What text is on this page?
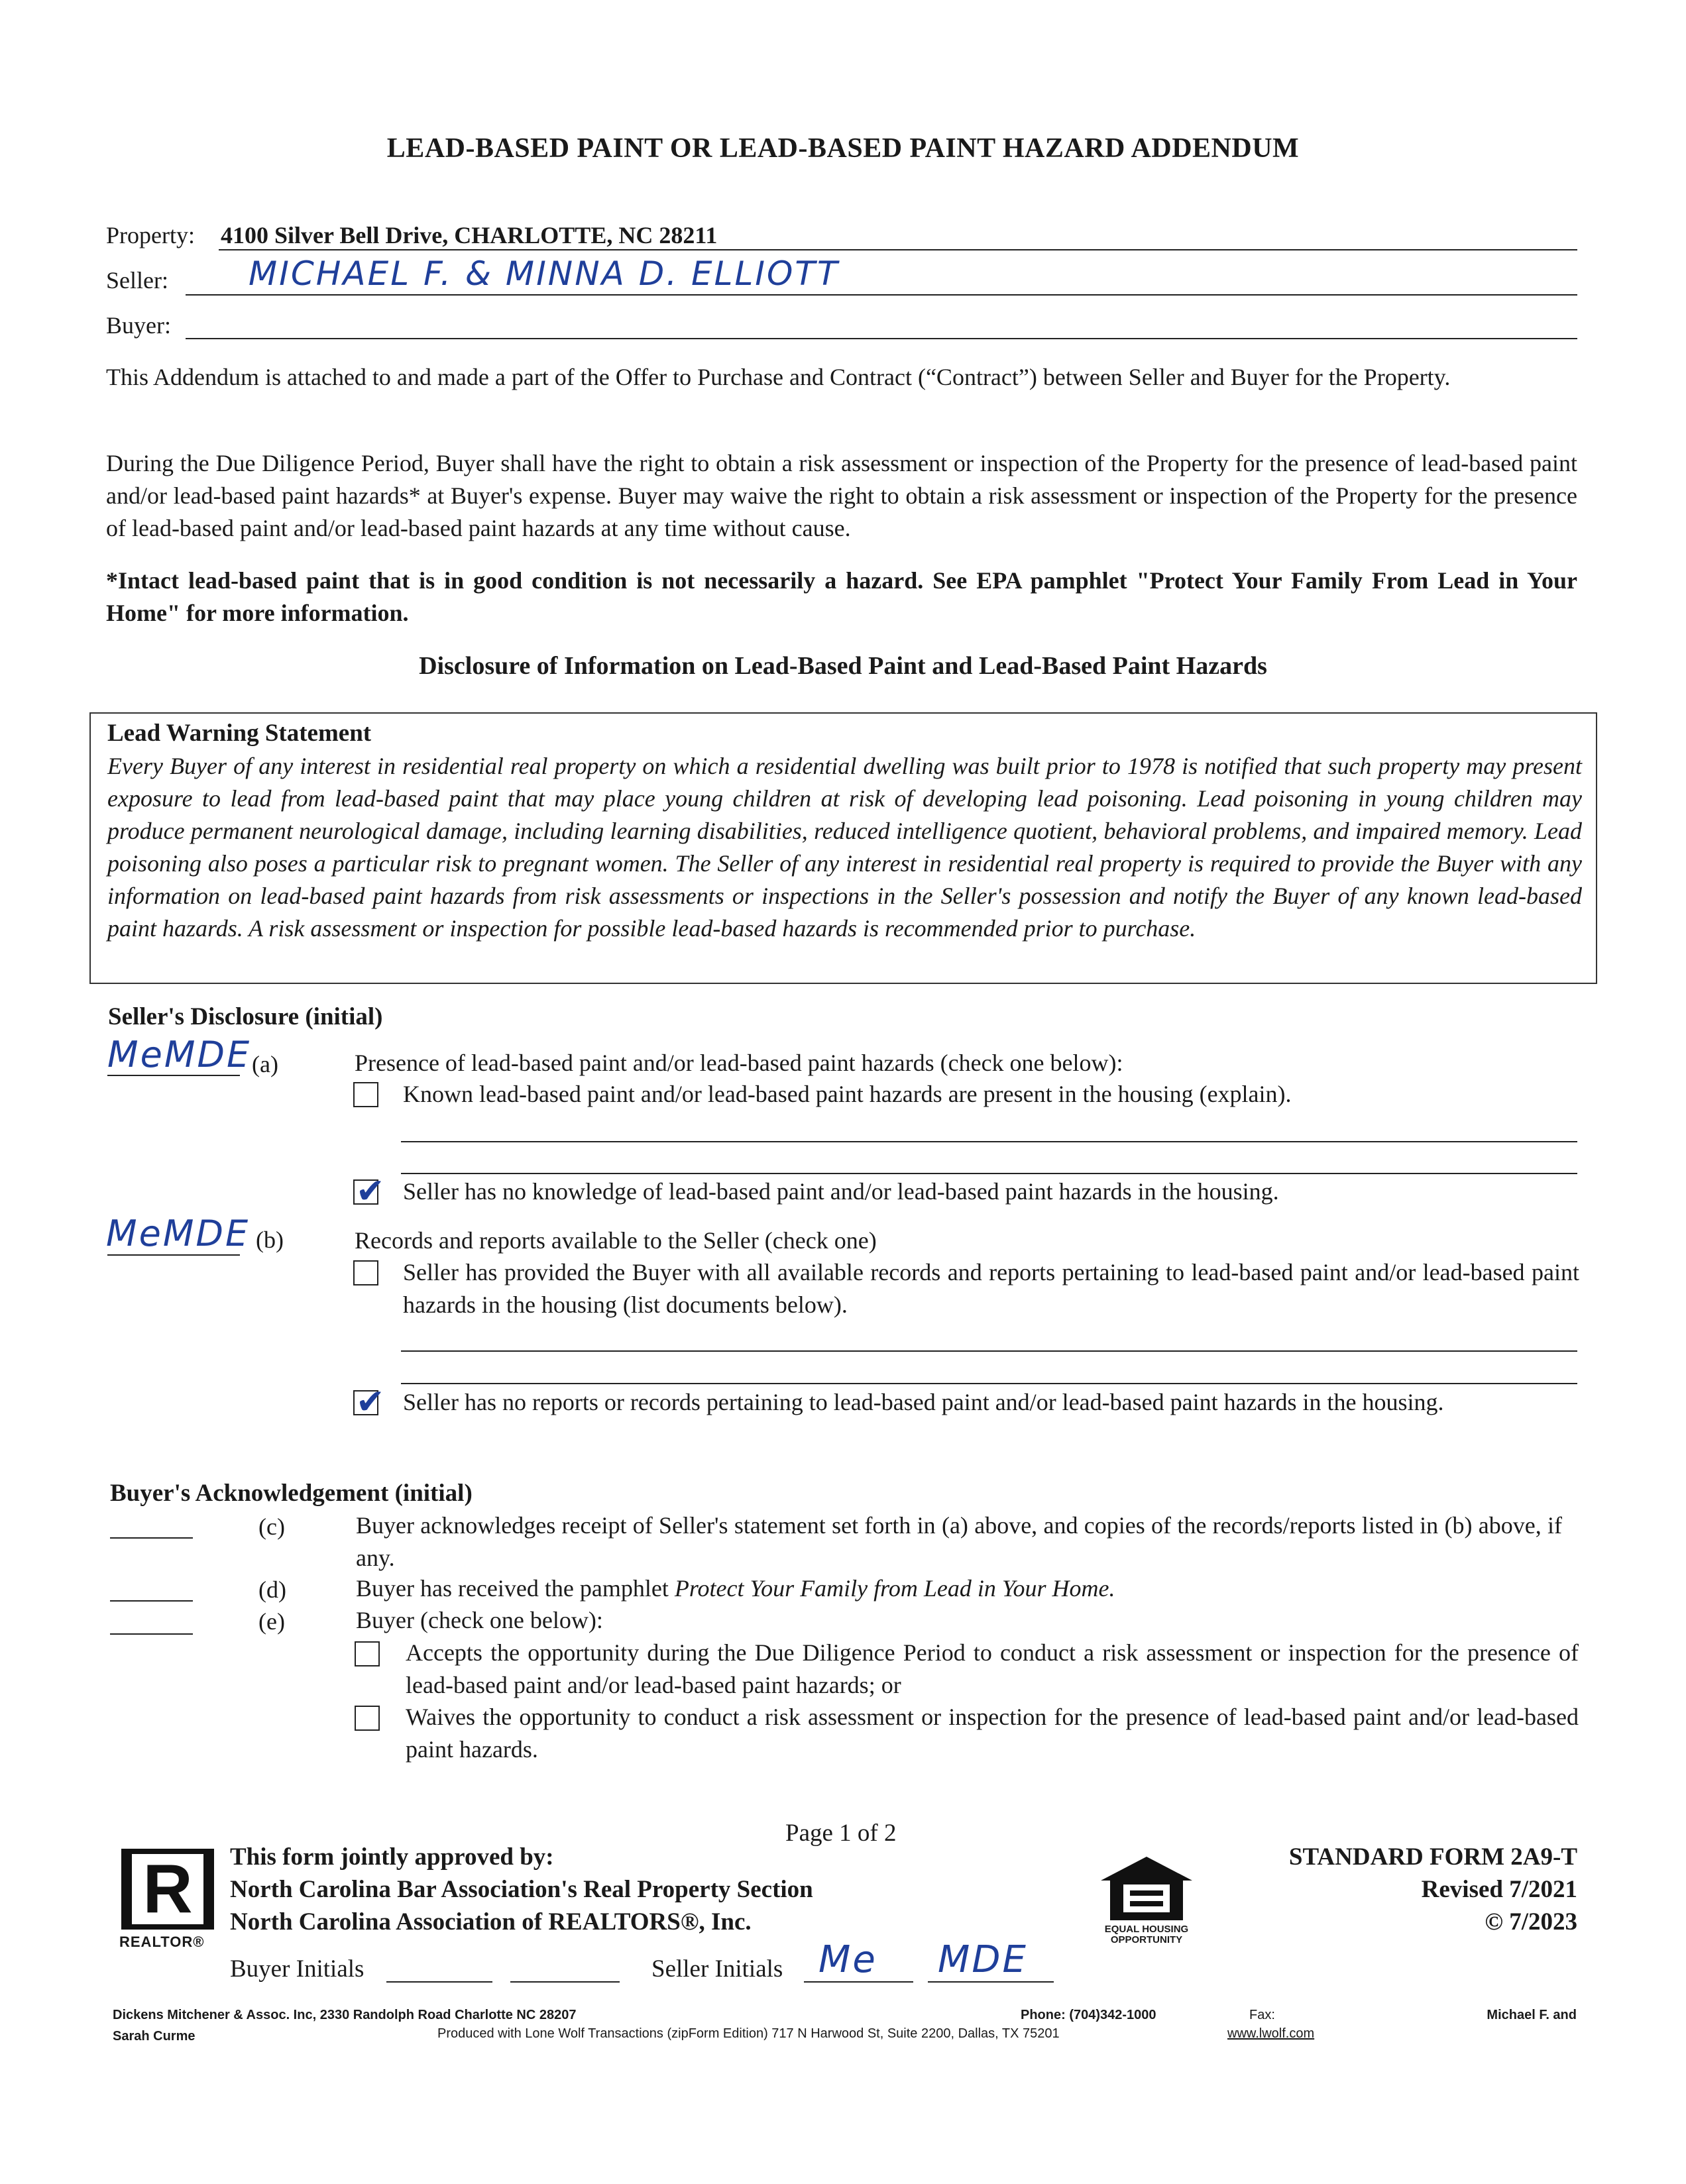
LEAD-BASED PAINT OR LEAD-BASED PAINT HAZARD ADDENDUM
Property: 4100 Silver Bell Drive, CHARLOTTE, NC 28211
Seller: MICHAEL F. & MINNA D. ELLIOTT
Buyer:
This Addendum is attached to and made a part of the Offer to Purchase and Contract (“Contract”) between Seller and Buyer for the Property.
During the Due Diligence Period, Buyer shall have the right to obtain a risk assessment or inspection of the Property for the presence of lead-based paint and/or lead-based paint hazards* at Buyer's expense. Buyer may waive the right to obtain a risk assessment or inspection of the Property for the presence of lead-based paint and/or lead-based paint hazards at any time without cause.
*Intact lead-based paint that is in good condition is not necessarily a hazard. See EPA pamphlet "Protect Your Family From Lead in Your Home" for more information.
Disclosure of Information on Lead-Based Paint and Lead-Based Paint Hazards
Lead Warning Statement
Every Buyer of any interest in residential real property on which a residential dwelling was built prior to 1978 is notified that such property may present exposure to lead from lead-based paint that may place young children at risk of developing lead poisoning. Lead poisoning in young children may produce permanent neurological damage, including learning disabilities, reduced intelligence quotient, behavioral problems, and impaired memory. Lead poisoning also poses a particular risk to pregnant women. The Seller of any interest in residential real property is required to provide the Buyer with any information on lead-based paint hazards from risk assessments or inspections in the Seller's possession and notify the Buyer of any known lead-based paint hazards. A risk assessment or inspection for possible lead-based hazards is recommended prior to purchase.
Seller's Disclosure (initial)
MeMDE (a)	Presence of lead-based paint and/or lead-based paint hazards (check one below):
Known lead-based paint and/or lead-based paint hazards are present in the housing (explain).
✔ Seller has no knowledge of lead-based paint and/or lead-based paint hazards in the housing.
MeMDE (b)	Records and reports available to the Seller (check one)
Seller has provided the Buyer with all available records and reports pertaining to lead-based paint and/or lead-based paint hazards in the housing (list documents below).
✔ Seller has no reports or records pertaining to lead-based paint and/or lead-based paint hazards in the housing.
Buyer's Acknowledgement (initial)
(c)	Buyer acknowledges receipt of Seller's statement set forth in (a) above, and copies of the records/reports listed in (b) above, if any.
(d)	Buyer has received the pamphlet Protect Your Family from Lead in Your Home.
(e)	Buyer (check one below):
Accepts the opportunity during the Due Diligence Period to conduct a risk assessment or inspection for the presence of lead-based paint and/or lead-based paint hazards; or
Waives the opportunity to conduct a risk assessment or inspection for the presence of lead-based paint and/or lead-based paint hazards.
Page 1 of 2
R
REALTOR®
This form jointly approved by:
North Carolina Bar Association's Real Property Section
North Carolina Association of REALTORS®, Inc.	EQUAL HOUSING OPPORTUNITY
STANDARD FORM 2A9-T
Revised 7/2021
© 7/2023
Buyer Initials	Seller Initials Me MDE
Dickens Mitchener & Assoc. Inc, 2330 Randolph Road Charlotte NC 28207	Phone: (704)342-1000	Fax:	Michael F. and
Sarah Curme	Produced with Lone Wolf Transactions (zipForm Edition) 717 N Harwood St, Suite 2200, Dallas, TX 75201	www.lwolf.com
